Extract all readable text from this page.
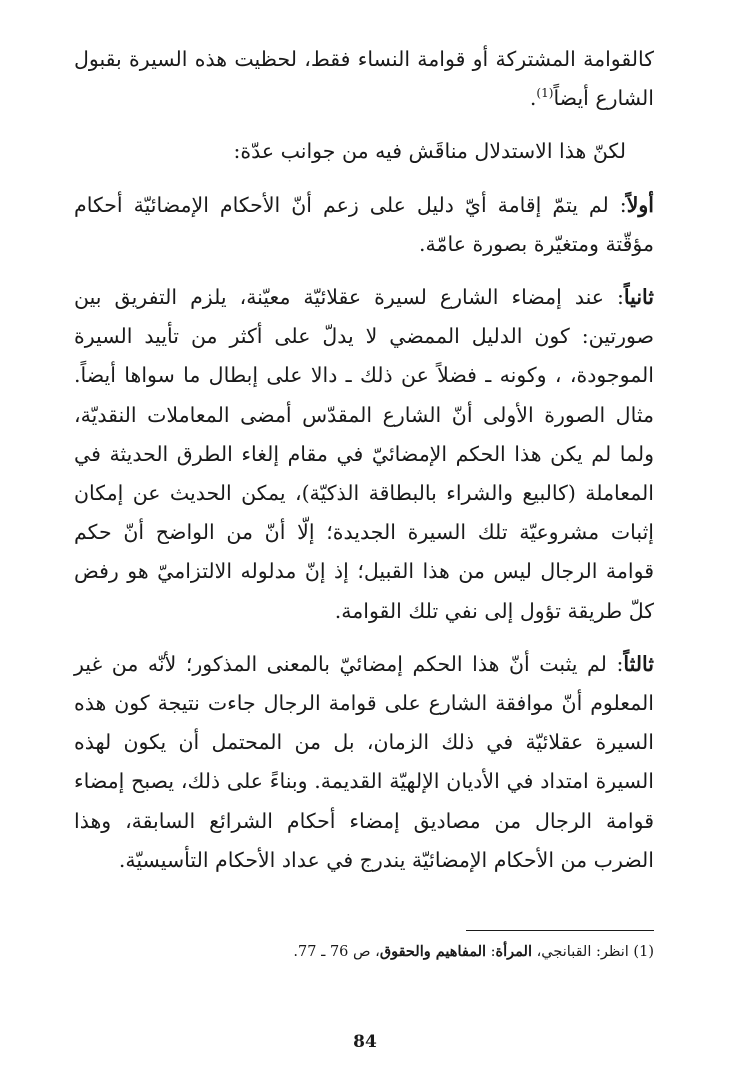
كالقوامة المشتركة أو قوامة النساء فقط، لحظيت هذه السيرة بقبول الشارع أيضاً$^{(1)}$.

لكنّ هذا الاستدلال مناقَش فيه من جوانب عدّة:

أولاً: لم يتمّ إقامة أيّ دليل على زعم أنّ الأحكام الإمضائيّة أحكام مؤقّتة ومتغيّرة بصورة عامّة.

ثانياً: عند إمضاء الشارع لسيرة عقلائيّة معيّنة، يلزم التفريق بين صورتين: كون الدليل الممضي لا يدلّ على أكثر من تأييد السيرة الموجودة، ، وكونه ـ فضلاً عن ذلك ـ دالا على إبطال ما سواها أيضاً. مثال الصورة الأولى أنّ الشارع المقدّس أمضى المعاملات النقديّة، ولما لم يكن هذا الحكم الإمضائيّ في مقام إلغاء الطرق الحديثة في المعاملة (كالبيع والشراء بالبطاقة الذكيّة)، يمكن الحديث عن إمكان إثبات مشروعيّة تلك السيرة الجديدة؛ إلّا أنّ من الواضح أنّ حكم قوامة الرجال ليس من هذا القبيل؛ إذ إنّ مدلوله الالتزاميّ هو رفض كلّ طريقة تؤول إلى نفي تلك القوامة.

ثالثاً: لم يثبت أنّ هذا الحكم إمضائيّ بالمعنى المذكور؛ لأنّه من غير المعلوم أنّ موافقة الشارع على قوامة الرجال جاءت نتيجة كون هذه السيرة عقلائيّة في ذلك الزمان، بل من المحتمل أن يكون لهذه السيرة امتداد في الأديان الإلهيّة القديمة. وبناءً على ذلك، يصبح إمضاء قوامة الرجال من مصاديق إمضاء أحكام الشرائع السابقة، وهذا الضرب من الأحكام الإمضائيّة يندرج في عداد الأحكام التأسيسيّة.

(1) انظر: القبانجي، المرأة: المفاهيم والحقوق، ص 76 ـ 77.
84
